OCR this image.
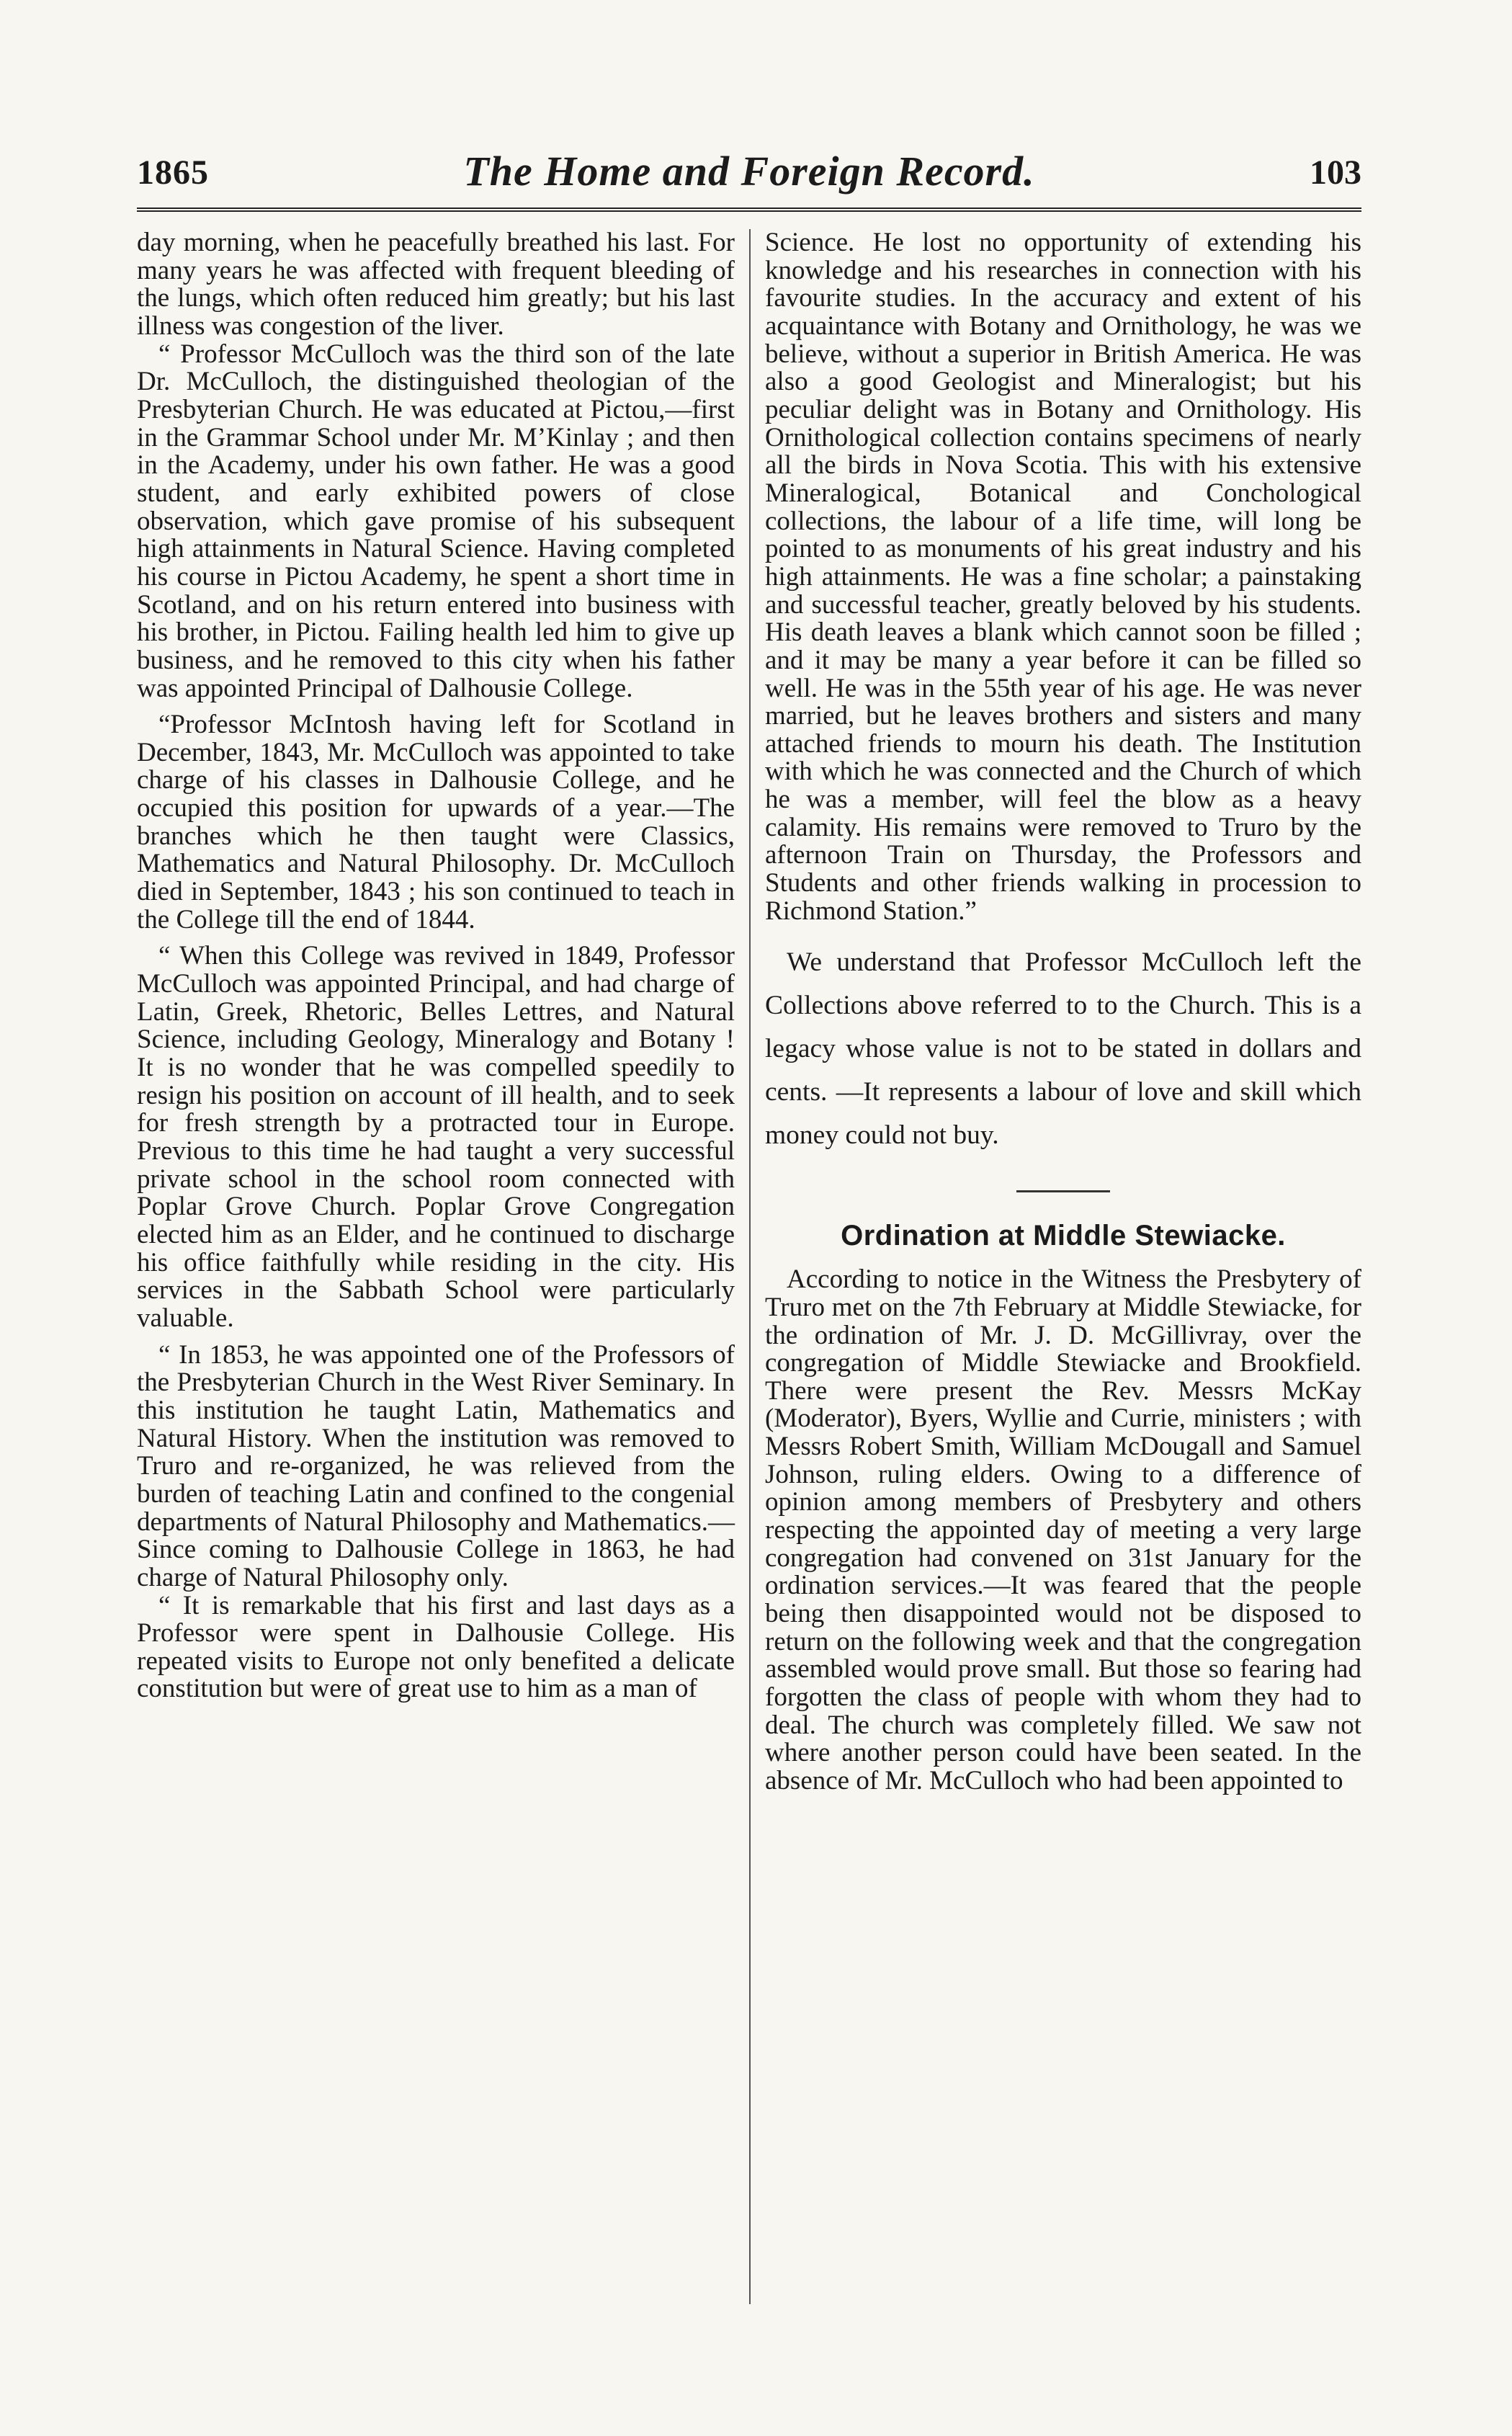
1865	The Home and Foreign Record.	103

day morning, when he peacefully breathed his last. For many years he was affected with frequent bleeding of the lungs, which often reduced him greatly; but his last illness was congestion of the liver.

“ Professor McCulloch was the third son of the late Dr. McCulloch, the distinguished theologian of the Presbyterian Church. He was educated at Pictou,—first in the Grammar School under Mr. M’Kinlay ; and then in the Academy, under his own father. He was a good student, and early exhibited powers of close observation, which gave promise of his subsequent high attainments in Natural Science. Having completed his course in Pictou Academy, he spent a short time in Scotland, and on his return entered into business with his brother, in Pictou. Failing health led him to give up business, and he removed to this city when his father was appointed Principal of Dalhousie College.

“Professor McIntosh having left for Scotland in December, 1843, Mr. McCulloch was appointed to take charge of his classes in Dalhousie College, and he occupied this position for upwards of a year.—The branches which he then taught were Classics, Mathematics and Natural Philosophy. Dr. McCulloch died in September, 1843 ; his son continued to teach in the College till the end of 1844.

“ When this College was revived in 1849, Professor McCulloch was appointed Principal, and had charge of Latin, Greek, Rhetoric, Belles Lettres, and Natural Science, including Geology, Mineralogy and Botany ! It is no wonder that he was compelled speedily to resign his position on account of ill health, and to seek for fresh strength by a protracted tour in Europe. Previous to this time he had taught a very successful private school in the school room connected with Poplar Grove Church. Poplar Grove Congregation elected him as an Elder, and he continued to discharge his office faithfully while residing in the city. His services in the Sabbath School were particularly valuable.

“ In 1853, he was appointed one of the Professors of the Presbyterian Church in the West River Seminary. In this institution he taught Latin, Mathematics and Natural History. When the institution was removed to Truro and re-organized, he was relieved from the burden of teaching Latin and confined to the congenial departments of Natural Philosophy and Mathematics.—Since coming to Dalhousie College in 1863, he had charge of Natural Philosophy only.

“ It is remarkable that his first and last days as a Professor were spent in Dalhousie College. His repeated visits to Europe not only benefited a delicate constitution but were of great use to him as a man of

Science. He lost no opportunity of extending his knowledge and his researches in connection with his favourite studies. In the accuracy and extent of his acquaintance with Botany and Ornithology, he was we believe, without a superior in British America. He was also a good Geologist and Mineralogist; but his peculiar delight was in Botany and Ornithology. His Ornithological collection contains specimens of nearly all the birds in Nova Scotia. This with his extensive Mineralogical, Botanical and Conchological collections, the labour of a life time, will long be pointed to as monuments of his great industry and his high attainments. He was a fine scholar; a painstaking and successful teacher, greatly beloved by his students. His death leaves a blank which cannot soon be filled ; and it may be many a year before it can be filled so well. He was in the 55th year of his age. He was never married, but he leaves brothers and sisters and many attached friends to mourn his death. The Institution with which he was connected and the Church of which he was a member, will feel the blow as a heavy calamity. His remains were removed to Truro by the afternoon Train on Thursday, the Professors and Students and other friends walking in procession to Richmond Station.”

We understand that Professor McCulloch left the Collections above referred to to the Church. This is a legacy whose value is not to be stated in dollars and cents. —It represents a labour of love and skill which money could not buy.

Ordination at Middle Stewiacke.

According to notice in the Witness the Presbytery of Truro met on the 7th February at Middle Stewiacke, for the ordination of Mr. J. D. McGillivray, over the congregation of Middle Stewiacke and Brookfield. There were present the Rev. Messrs McKay (Moderator), Byers, Wyllie and Currie, ministers ; with Messrs Robert Smith, William McDougall and Samuel Johnson, ruling elders. Owing to a difference of opinion among members of Presbytery and others respecting the appointed day of meeting a very large congregation had convened on 31st January for the ordination services.—It was feared that the people being then disappointed would not be disposed to return on the following week and that the congregation assembled would prove small. But those so fearing had forgotten the class of people with whom they had to deal. The church was completely filled. We saw not where another person could have been seated. In the absence of Mr. McCulloch who had been appointed to
